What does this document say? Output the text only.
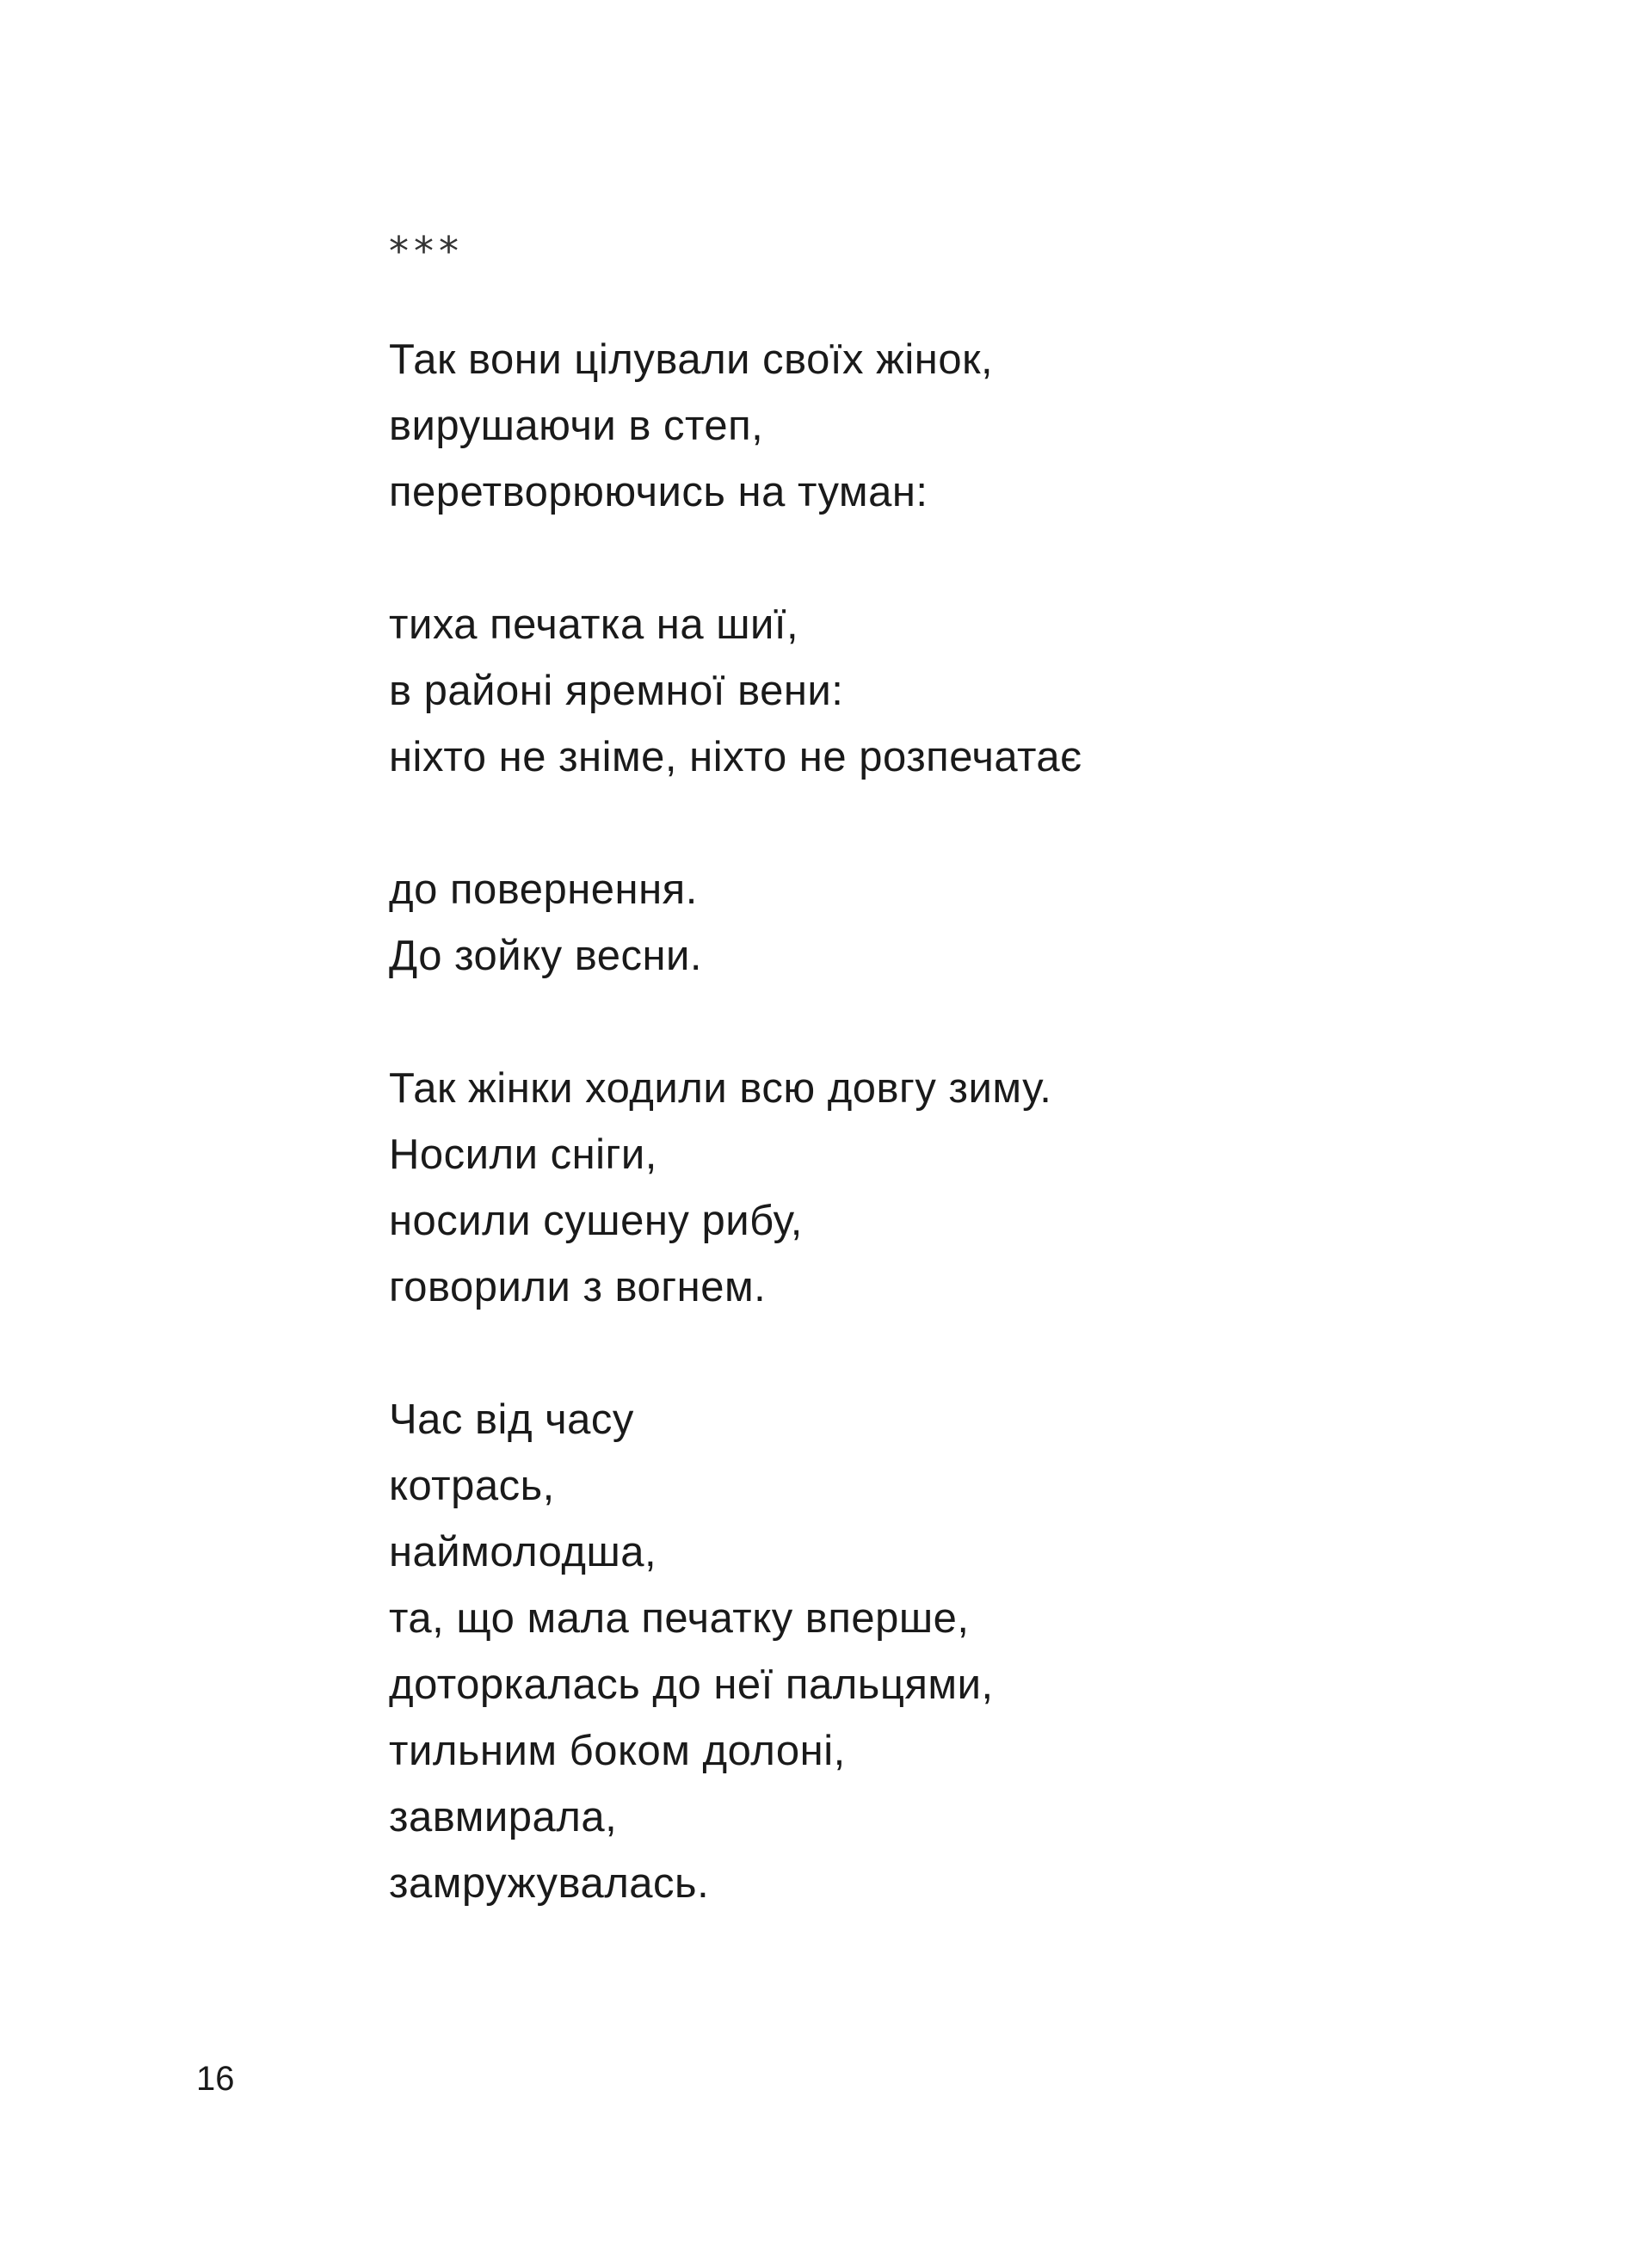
***
Так вони цілували своїх жінок,
вирушаючи в степ,
перетворюючись на туман:
тиха печатка на шиї,
в районі яремної вени:
ніхто не зніме, ніхто не розпечатає
до повернення.
До зойку весни.
Так жінки ходили всю довгу зиму.
Носили сніги,
носили сушену рибу,
говорили з вогнем.
Час від часу
котрась,
наймолодша,
та, що мала печатку вперше,
доторкалась до неї пальцями,
тильним боком долоні,
завмирала,
замружувалась.
16
